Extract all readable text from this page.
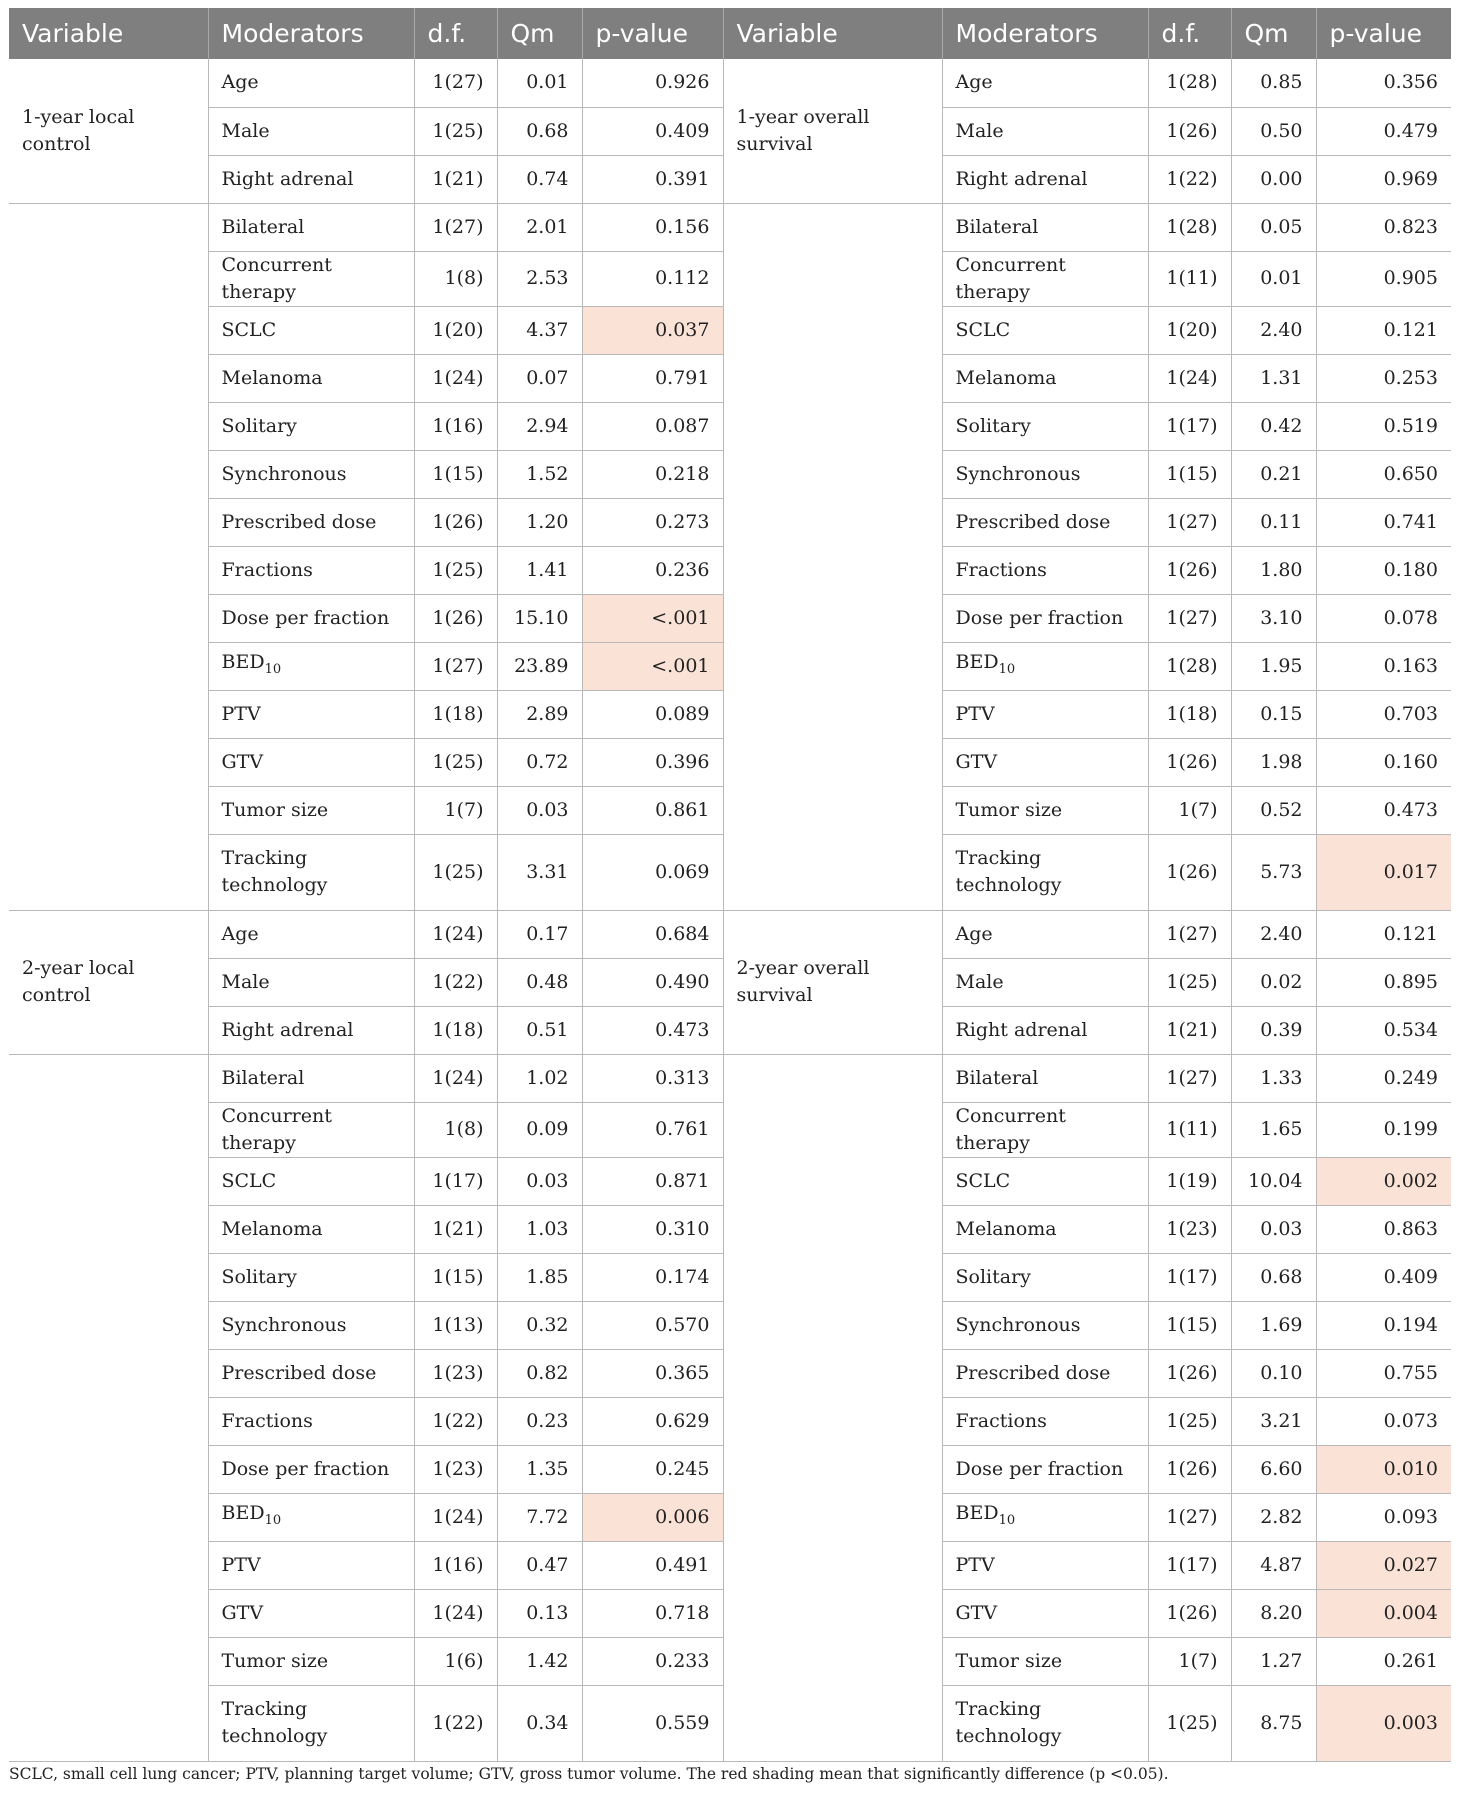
Variable	Moderators	d.f.	Qm	p-value	Variable	Moderators	d.f.	Qm	p-value
1-year local control	Age	1(27)	0.01	0.926	1-year overall survival	Age	1(28)	0.85	0.356
	Male	1(25)	0.68	0.409		Male	1(26)	0.50	0.479
	Right adrenal	1(21)	0.74	0.391		Right adrenal	1(22)	0.00	0.969
	Bilateral	1(27)	2.01	0.156		Bilateral	1(28)	0.05	0.823
	Concurrent therapy	1(8)	2.53	0.112		Concurrent therapy	1(11)	0.01	0.905
	SCLC	1(20)	4.37	0.037		SCLC	1(20)	2.40	0.121
	Melanoma	1(24)	0.07	0.791		Melanoma	1(24)	1.31	0.253
	Solitary	1(16)	2.94	0.087		Solitary	1(17)	0.42	0.519
	Synchronous	1(15)	1.52	0.218		Synchronous	1(15)	0.21	0.650
	Prescribed dose	1(26)	1.20	0.273		Prescribed dose	1(27)	0.11	0.741
	Fractions	1(25)	1.41	0.236		Fractions	1(26)	1.80	0.180
	Dose per fraction	1(26)	15.10	<.001		Dose per fraction	1(27)	3.10	0.078
	$BED_{10}$	1(27)	23.89	<.001		$BED_{10}$	1(28)	1.95	0.163
	PTV	1(18)	2.89	0.089		PTV	1(18)	0.15	0.703
	GTV	1(25)	0.72	0.396		GTV	1(26)	1.98	0.160
	Tumor size	1(7)	0.03	0.861		Tumor size	1(7)	0.52	0.473
	Tracking technology	1(25)	3.31	0.069		Tracking technology	1(26)	5.73	0.017
2-year local control	Age	1(24)	0.17	0.684	2-year overall survival	Age	1(27)	2.40	0.121
	Male	1(22)	0.48	0.490		Male	1(25)	0.02	0.895
	Right adrenal	1(18)	0.51	0.473		Right adrenal	1(21)	0.39	0.534
	Bilateral	1(24)	1.02	0.313		Bilateral	1(27)	1.33	0.249
	Concurrent therapy	1(8)	0.09	0.761		Concurrent therapy	1(11)	1.65	0.199
	SCLC	1(17)	0.03	0.871		SCLC	1(19)	10.04	0.002
	Melanoma	1(21)	1.03	0.310		Melanoma	1(23)	0.03	0.863
	Solitary	1(15)	1.85	0.174		Solitary	1(17)	0.68	0.409
	Synchronous	1(13)	0.32	0.570		Synchronous	1(15)	1.69	0.194
	Prescribed dose	1(23)	0.82	0.365		Prescribed dose	1(26)	0.10	0.755
	Fractions	1(22)	0.23	0.629		Fractions	1(25)	3.21	0.073
	Dose per fraction	1(23)	1.35	0.245		Dose per fraction	1(26)	6.60	0.010
	$BED_{10}$	1(24)	7.72	0.006		$BED_{10}$	1(27)	2.82	0.093
	PTV	1(16)	0.47	0.491		PTV	1(17)	4.87	0.027
	GTV	1(24)	0.13	0.718		GTV	1(26)	8.20	0.004
	Tumor size	1(6)	1.42	0.233		Tumor size	1(7)	1.27	0.261
	Tracking technology	1(22)	0.34	0.559		Tracking technology	1(25)	8.75	0.003
SCLC, small cell lung cancer; PTV, planning target volume; GTV, gross tumor volume. The red shading mean that significantly difference (p <0.05).
